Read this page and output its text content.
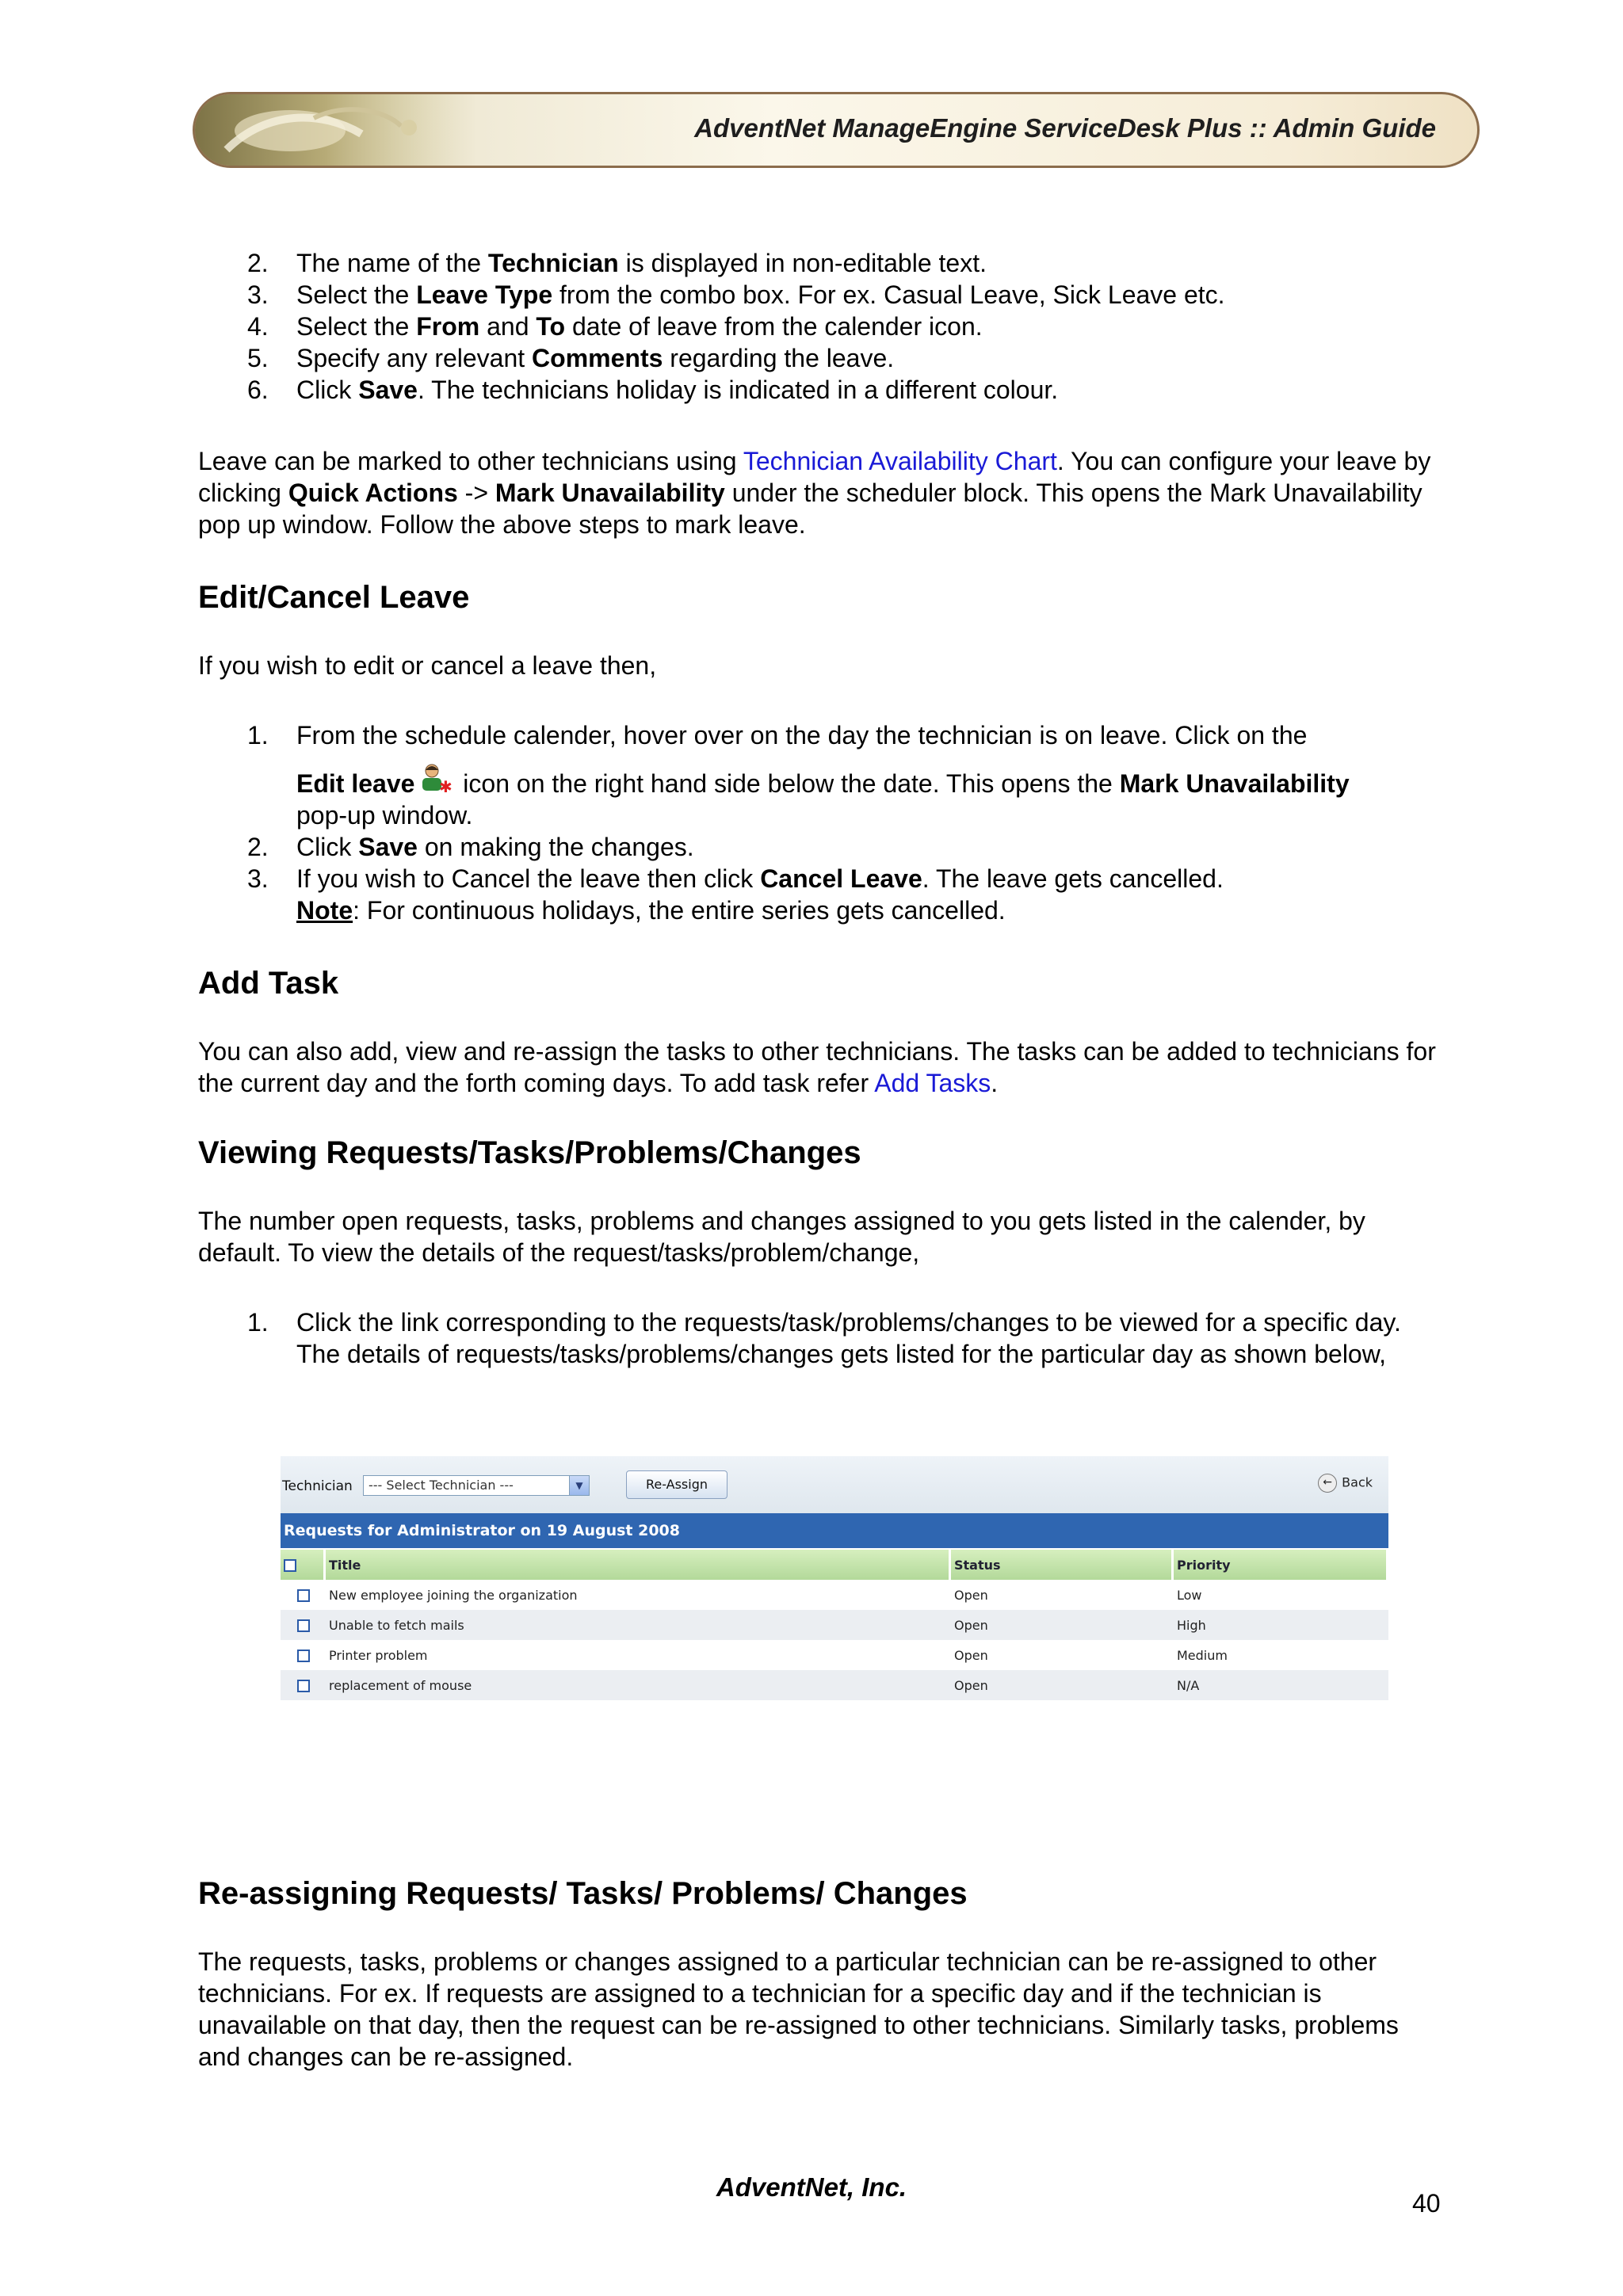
AdventNet ManageEngine ServiceDesk Plus :: Admin Guide
2. The name of the Technician is displayed in non-editable text.
3. Select the Leave Type from the combo box. For ex. Casual Leave, Sick Leave etc.
4. Select the From and To date of leave from the calender icon.
5. Specify any relevant Comments regarding the leave.
6. Click Save. The technicians holiday is indicated in a different colour.

Leave can be marked to other technicians using Technician Availability Chart. You can configure your leave by clicking Quick Actions -> Mark Unavailability under the scheduler block. This opens the Mark Unavailability pop up window. Follow the above steps to mark leave.

Edit/Cancel Leave

If you wish to edit or cancel a leave then,

1. From the schedule calender, hover over on the day the technician is on leave. Click on the
Edit leave ✱ icon on the right hand side below the date. This opens the Mark Unavailability
pop-up window.
2. Click Save on making the changes.
3. If you wish to Cancel the leave then click Cancel Leave. The leave gets cancelled.
Note: For continuous holidays, the entire series gets cancelled.
Add Task

You can also add, view and re-assign the tasks to other technicians. The tasks can be added to technicians for the current day and the forth coming days. To add task refer Add Tasks.

Viewing Requests/Tasks/Problems/Changes

The number open requests, tasks, problems and changes assigned to you gets listed in the calender, by default. To view the details of the request/tasks/problem/change,

1. Click the link corresponding to the requests/task/problems/changes to be viewed for a specific day. The details of requests/tasks/problems/changes gets listed for the particular day as shown below,
Technician	--- Select Technician ---	▼	Re-Assign	← Back
Requests for Administrator on 19 August 2008
	Title	Status	Priority
	New employee joining the organization	Open	Low
	Unable to fetch mails	Open	High
	Printer problem	Open	Medium
	replacement of mouse	Open	N/A
Re-assigning Requests/ Tasks/ Problems/ Changes

The requests, tasks, problems or changes assigned to a particular technician can be re-assigned to other technicians. For ex. If requests are assigned to a technician for a specific day and if the technician is unavailable on that day, then the request can be re-assigned to other technicians. Similarly tasks, problems and changes can be re-assigned.

AdventNet, Inc.
40
